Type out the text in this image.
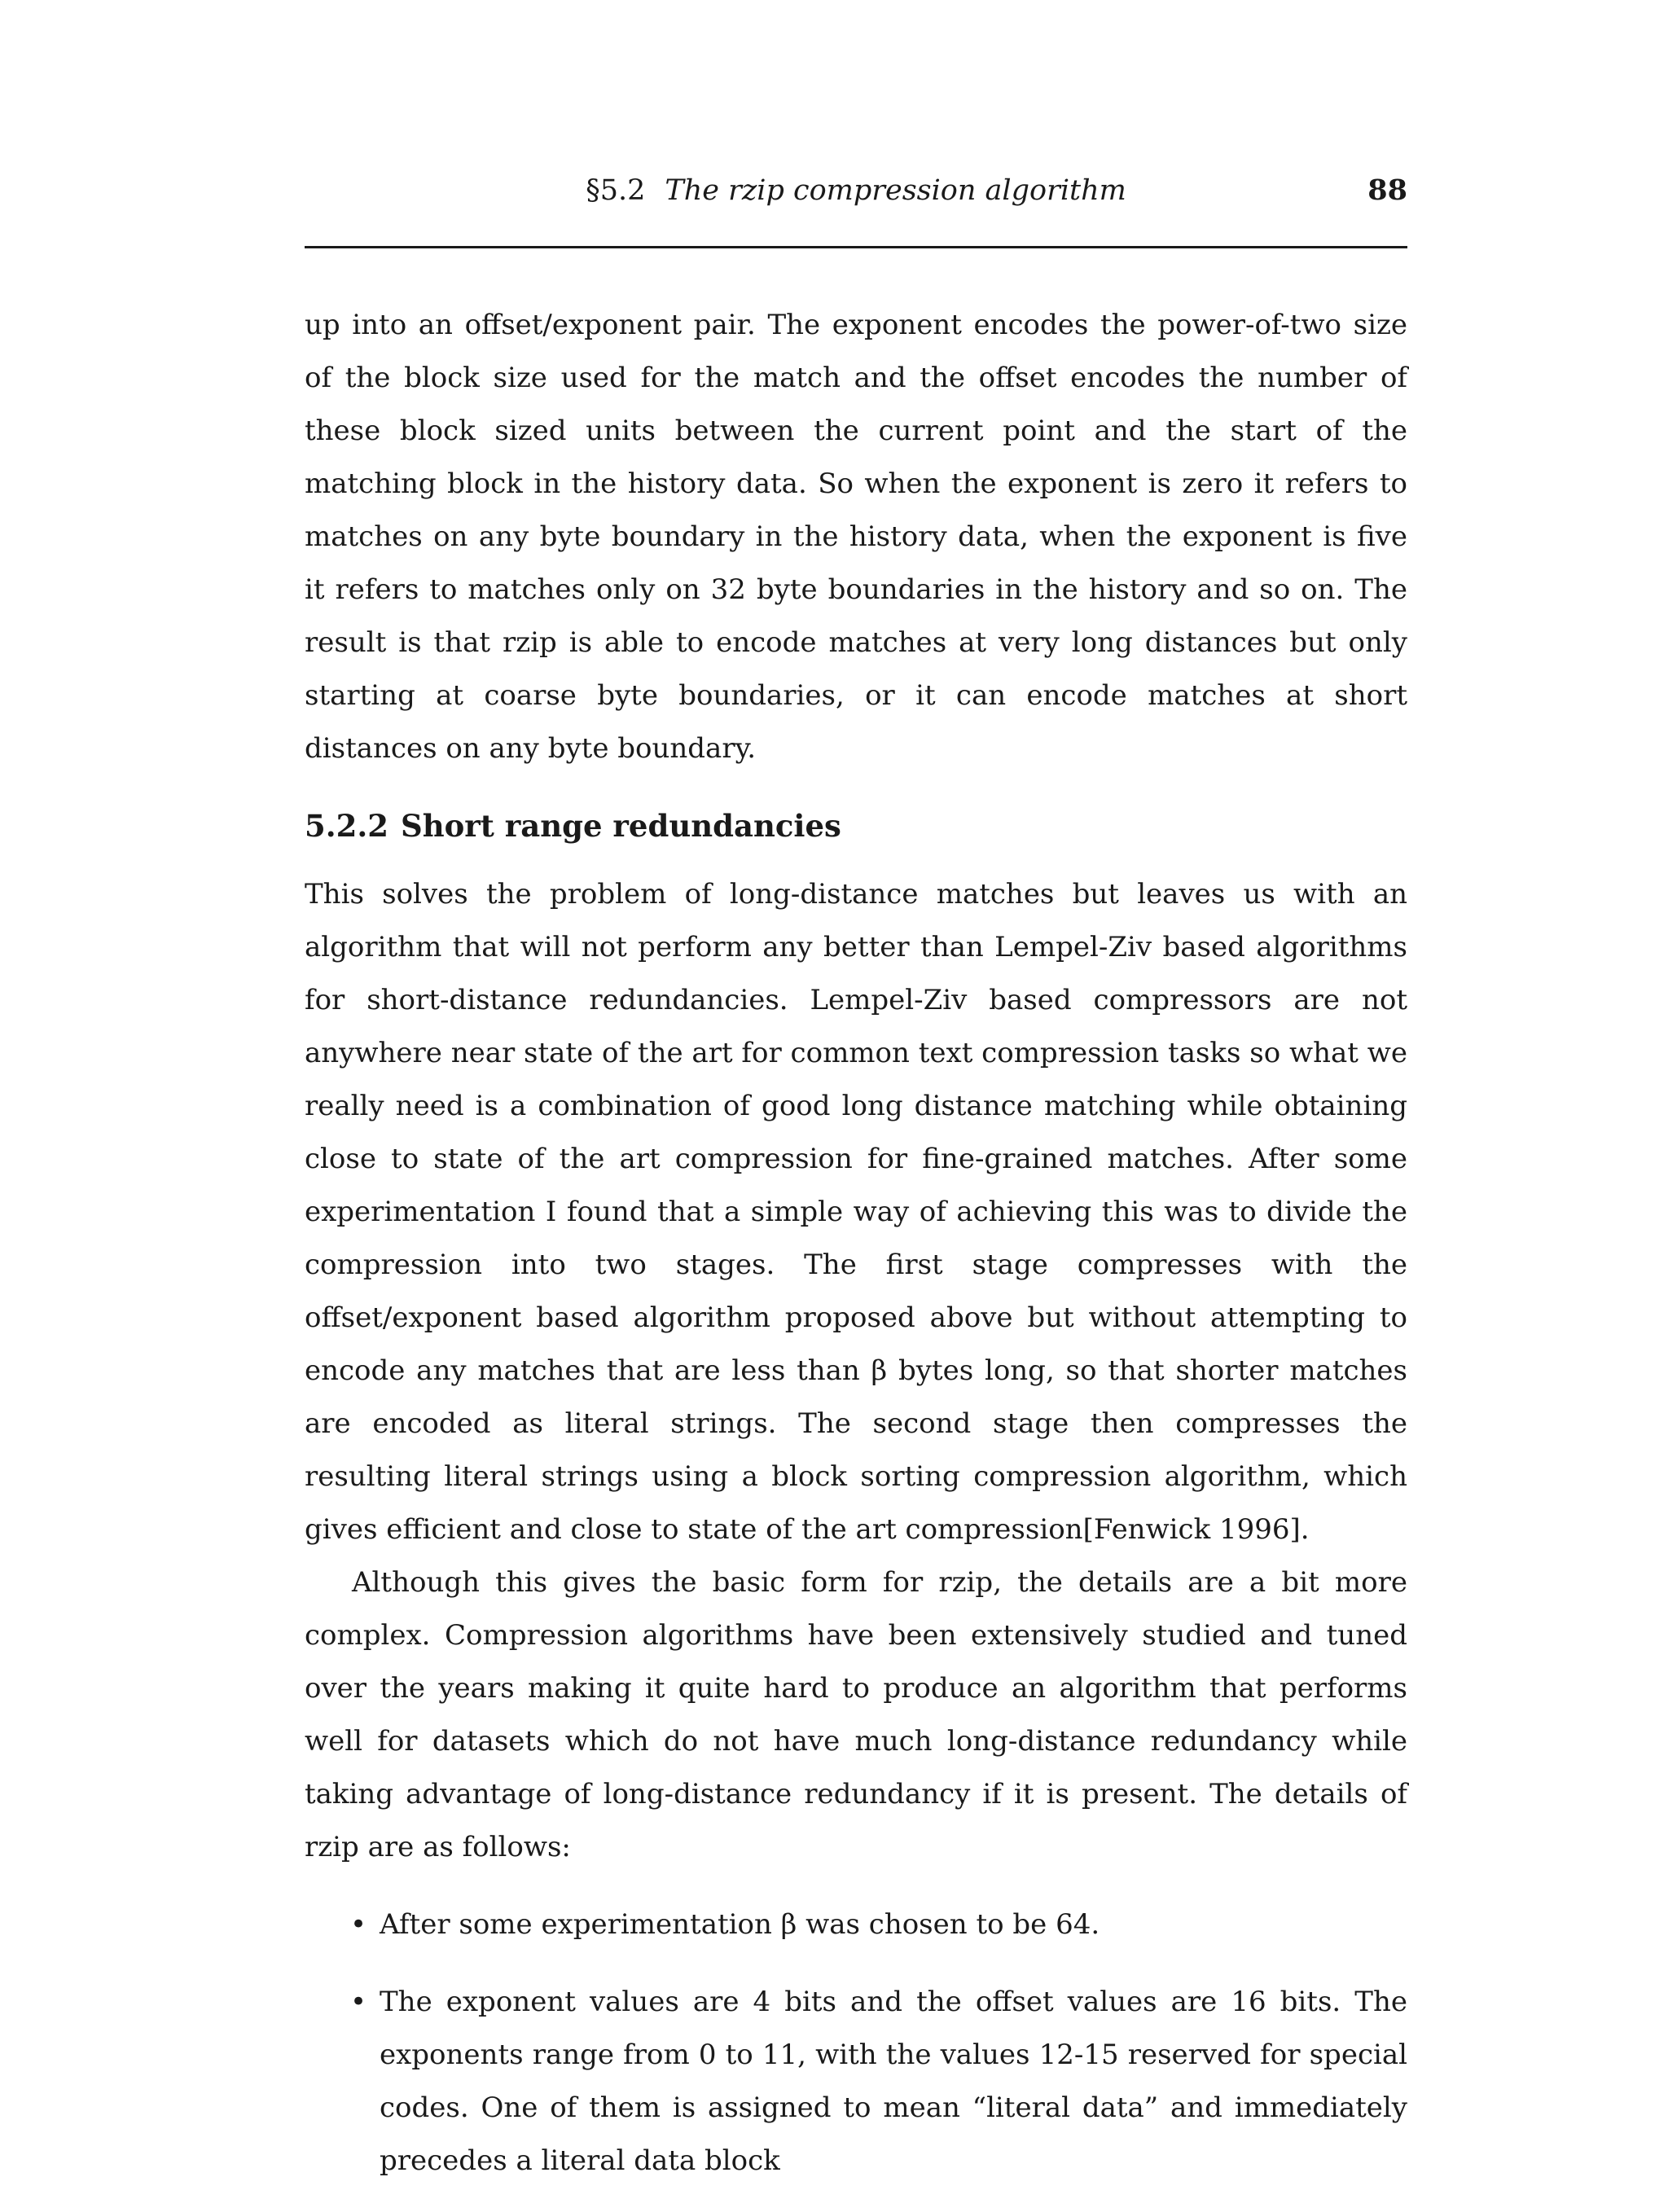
§5.2 The rzip compression algorithm	88

up into an offset/exponent pair. The exponent encodes the power-of-two size of the block size used for the match and the offset encodes the number of these block sized units between the current point and the start of the matching block in the history data. So when the exponent is zero it refers to matches on any byte boundary in the history data, when the exponent is five it refers to matches only on 32 byte boundaries in the history and so on. The result is that rzip is able to encode matches at very long distances but only starting at coarse byte boundaries, or it can encode matches at short distances on any byte boundary.

5.2.2 Short range redundancies

This solves the problem of long-distance matches but leaves us with an algorithm that will not perform any better than Lempel-Ziv based algorithms for short-distance redundancies. Lempel-Ziv based compressors are not anywhere near state of the art for common text compression tasks so what we really need is a combination of good long distance matching while obtaining close to state of the art compression for fine-grained matches. After some experimentation I found that a simple way of achieving this was to divide the compression into two stages. The first stage compresses with the offset/exponent based algorithm proposed above but without attempting to encode any matches that are less than β bytes long, so that shorter matches are encoded as literal strings. The second stage then compresses the resulting literal strings using a block sorting compression algorithm, which gives efficient and close to state of the art compression[Fenwick 1996].

Although this gives the basic form for rzip, the details are a bit more complex. Compression algorithms have been extensively studied and tuned over the years making it quite hard to produce an algorithm that performs well for datasets which do not have much long-distance redundancy while taking advantage of long-distance redundancy if it is present. The details of rzip are as follows:

• After some experimentation β was chosen to be 64.
• The exponent values are 4 bits and the offset values are 16 bits. The exponents range from 0 to 11, with the values 12-15 reserved for special codes. One of them is assigned to mean “literal data” and immediately precedes a literal data block
